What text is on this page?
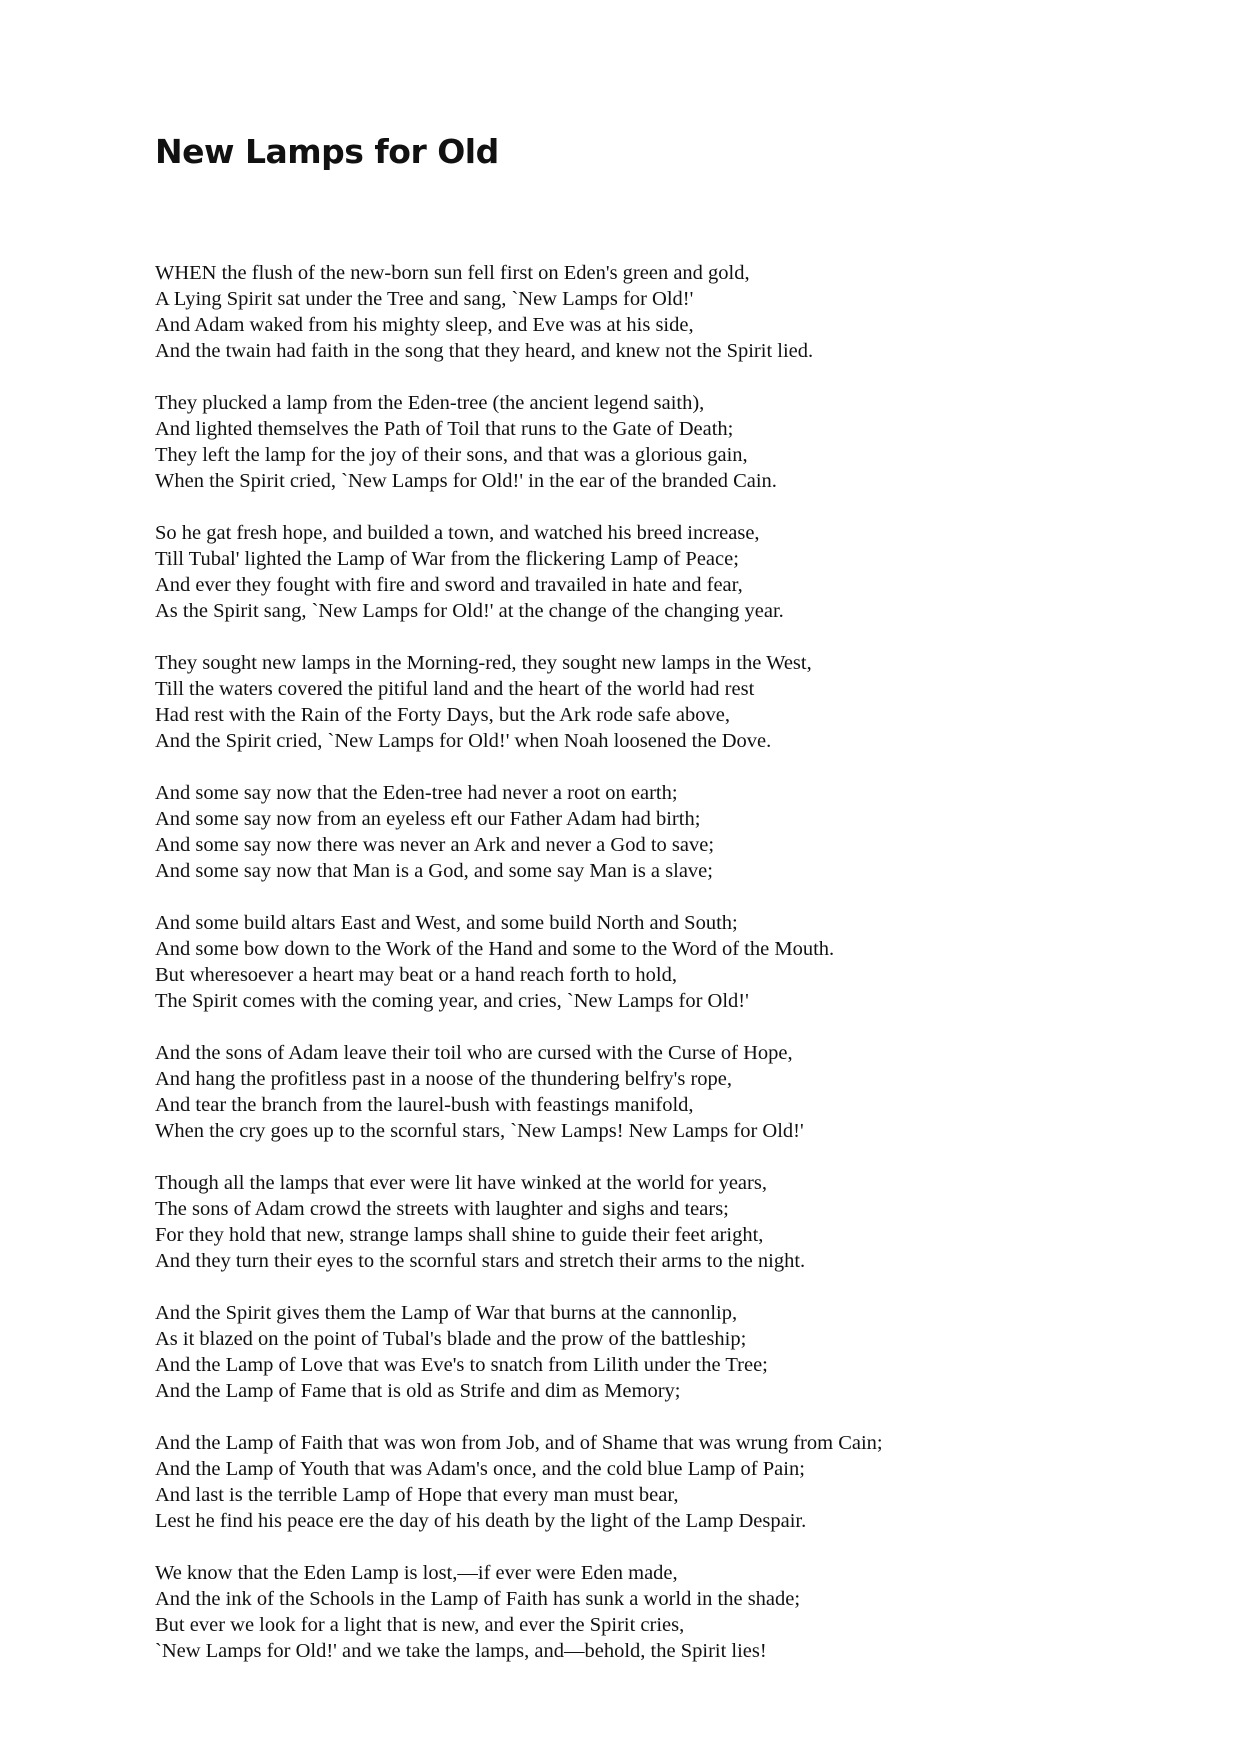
New Lamps for Old
WHEN the flush of the new-born sun fell first on Eden's green and gold,
A Lying Spirit sat under the Tree and sang, `New Lamps for Old!'
And Adam waked from his mighty sleep, and Eve was at his side,
And the twain had faith in the song that they heard, and knew not the Spirit lied.
They plucked a lamp from the Eden-tree (the ancient legend saith),
And lighted themselves the Path of Toil that runs to the Gate of Death;
They left the lamp for the joy of their sons, and that was a glorious gain,
When the Spirit cried, `New Lamps for Old!' in the ear of the branded Cain.
So he gat fresh hope, and builded a town, and watched his breed increase,
Till Tubal' lighted the Lamp of War from the flickering Lamp of Peace;
And ever they fought with fire and sword and travailed in hate and fear,
As the Spirit sang, `New Lamps for Old!' at the change of the changing year.
They sought new lamps in the Morning-red, they sought new lamps in the West,
Till the waters covered the pitiful land and the heart of the world had rest
Had rest with the Rain of the Forty Days, but the Ark rode safe above,
And the Spirit cried, `New Lamps for Old!' when Noah loosened the Dove.
And some say now that the Eden-tree had never a root on earth;
And some say now from an eyeless eft our Father Adam had birth;
And some say now there was never an Ark and never a God to save;
And some say now that Man is a God, and some say Man is a slave;
And some build altars East and West, and some build North and South;
And some bow down to the Work of the Hand and some to the Word of the Mouth.
But wheresoever a heart may beat or a hand reach forth to hold,
The Spirit comes with the coming year, and cries, `New Lamps for Old!'
And the sons of Adam leave their toil who are cursed with the Curse of Hope,
And hang the profitless past in a noose of the thundering belfry's rope,
And tear the branch from the laurel-bush with feastings manifold,
When the cry goes up to the scornful stars, `New Lamps! New Lamps for Old!'
Though all the lamps that ever were lit have winked at the world for years,
The sons of Adam crowd the streets with laughter and sighs and tears;
For they hold that new, strange lamps shall shine to guide their feet aright,
And they turn their eyes to the scornful stars and stretch their arms to the night.
And the Spirit gives them the Lamp of War that burns at the cannonlip,
As it blazed on the point of Tubal's blade and the prow of the battleship;
And the Lamp of Love that was Eve's to snatch from Lilith under the Tree;
And the Lamp of Fame that is old as Strife and dim as Memory;
And the Lamp of Faith that was won from Job, and of Shame that was wrung from Cain;
And the Lamp of Youth that was Adam's once, and the cold blue Lamp of Pain;
And last is the terrible Lamp of Hope that every man must bear,
Lest he find his peace ere the day of his death by the light of the Lamp Despair.
We know that the Eden Lamp is lost,—if ever were Eden made,
And the ink of the Schools in the Lamp of Faith has sunk a world in the shade;
But ever we look for a light that is new, and ever the Spirit cries,
`New Lamps for Old!' and we take the lamps, and—behold, the Spirit lies!
